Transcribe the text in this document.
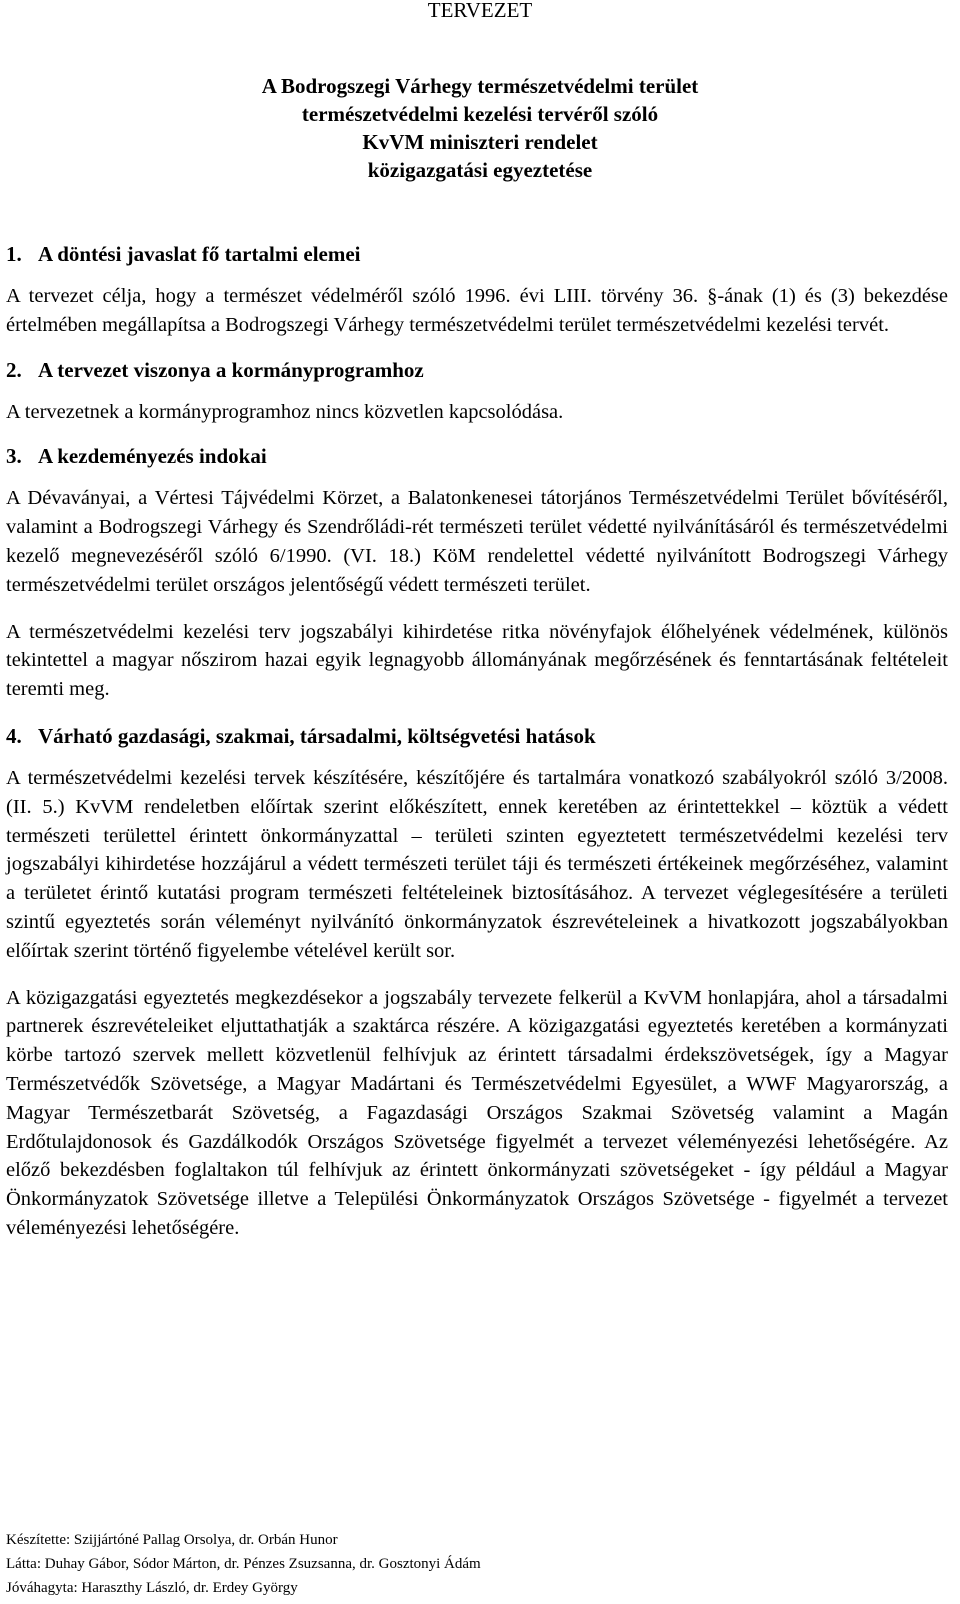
TERVEZET
A Bodrogszegi Várhegy természetvédelmi terület
természetvédelmi kezelési tervéről szóló
KvVM miniszteri rendelet
közigazgatási egyeztetése
1. A döntési javaslat fő tartalmi elemei

A tervezet célja, hogy a természet védelméről szóló 1996. évi LIII. törvény 36. §-ának (1) és (3) bekezdése értelmében megállapítsa a Bodrogszegi Várhegy természetvédelmi terület természetvédelmi kezelési tervét.

2. A tervezet viszonya a kormányprogramhoz

A tervezetnek a kormányprogramhoz nincs közvetlen kapcsolódása.

3. A kezdeményezés indokai

A Dévaványai, a Vértesi Tájvédelmi Körzet, a Balatonkenesei tátorjános Természetvédelmi Terület bővítéséről, valamint a Bodrogszegi Várhegy és Szendrőládi-rét természeti terület védetté nyilvánításáról és természetvédelmi kezelő megnevezéséről szóló 6/1990. (VI. 18.) KöM rendelettel védetté nyilvánított Bodrogszegi Várhegy természetvédelmi terület országos jelentőségű védett természeti terület.

A természetvédelmi kezelési terv jogszabályi kihirdetése ritka növényfajok élőhelyének védelmének, különös tekintettel a magyar nőszirom hazai egyik legnagyobb állományának megőrzésének és fenntartásának feltételeit teremti meg.

4. Várható gazdasági, szakmai, társadalmi, költségvetési hatások

A természetvédelmi kezelési tervek készítésére, készítőjére és tartalmára vonatkozó szabályokról szóló 3/2008. (II. 5.) KvVM rendeletben előírtak szerint előkészített, ennek keretében az érintettekkel – köztük a védett természeti területtel érintett önkormányzattal – területi szinten egyeztetett természetvédelmi kezelési terv jogszabályi kihirdetése hozzájárul a védett természeti terület táji és természeti értékeinek megőrzéséhez, valamint a területet érintő kutatási program természeti feltételeinek biztosításához. A tervezet véglegesítésére a területi szintű egyeztetés során véleményt nyilvánító önkormányzatok észrevételeinek a hivatkozott jogszabályokban előírtak szerint történő figyelembe vételével került sor.

A közigazgatási egyeztetés megkezdésekor a jogszabály tervezete felkerül a KvVM honlapjára, ahol a társadalmi partnerek észrevételeiket eljuttathatják a szaktárca részére. A közigazgatási egyeztetés keretében a kormányzati körbe tartozó szervek mellett közvetlenül felhívjuk az érintett társadalmi érdekszövetségek, így a Magyar Természetvédők Szövetsége, a Magyar Madártani és Természetvédelmi Egyesület, a WWF Magyarország, a Magyar Természetbarát Szövetség, a Fagazdasági Országos Szakmai Szövetség valamint a Magán Erdőtulajdonosok és Gazdálkodók Országos Szövetsége figyelmét a tervezet véleményezési lehetőségére. Az előző bekezdésben foglaltakon túl felhívjuk az érintett önkormányzati szövetségeket - így például a Magyar Önkormányzatok Szövetsége illetve a Települési Önkormányzatok Országos Szövetsége - figyelmét a tervezet véleményezési lehetőségére.

Készítette: Szijjártóné Pallag Orsolya, dr. Orbán Hunor
Látta: Duhay Gábor, Sódor Márton, dr. Pénzes Zsuzsanna, dr. Gosztonyi Ádám
Jóváhagyta: Haraszthy László, dr. Erdey György
